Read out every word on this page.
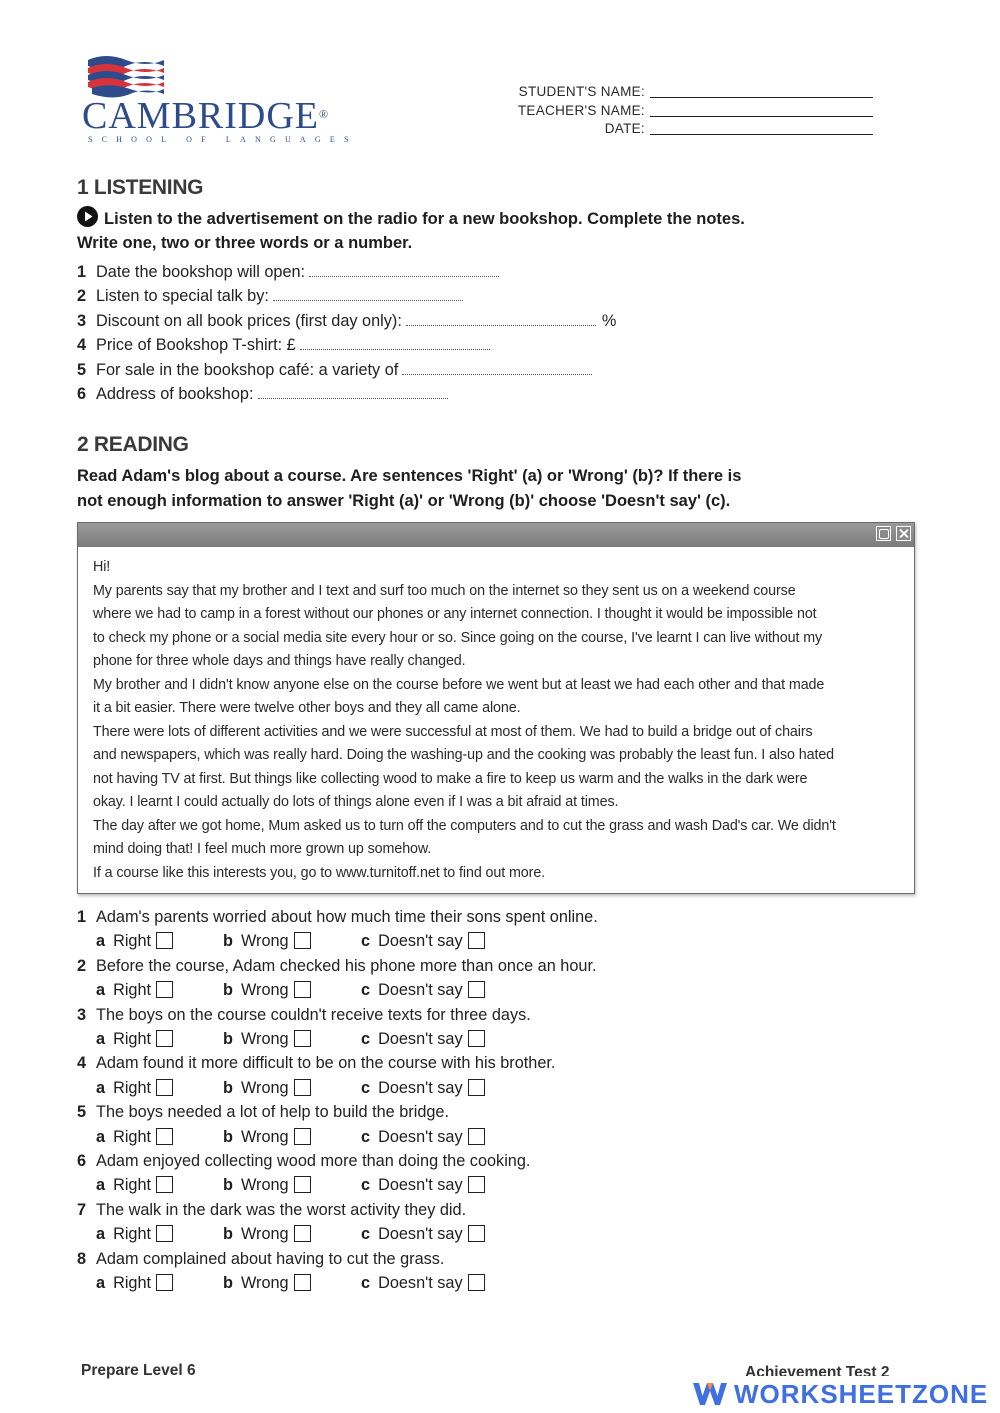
CAMBRIDGE®
SCHOOL OF LANGUAGES
STUDENT'S NAME:
TEACHER'S NAME:
DATE:
1 LISTENING
Listen to the advertisement on the radio for a new bookshop. Complete the notes.
Write one, two or three words or a number.
1 Date the bookshop will open:
2 Listen to special talk by:
3 Discount on all book prices (first day only):	%
4 Price of Bookshop T-shirt: £
5 For sale in the bookshop café: a variety of
6 Address of bookshop:
2 READING
Read Adam's blog about a course. Are sentences 'Right' (a) or 'Wrong' (b)? If there is
not enough information to answer 'Right (a)' or 'Wrong (b)' choose 'Doesn't say' (c).

Hi!

My parents say that my brother and I text and surf too much on the internet so they sent us on a weekend course

where we had to camp in a forest without our phones or any internet connection. I thought it would be impossible not

to check my phone or a social media site every hour or so. Since going on the course, I've learnt I can live without my

phone for three whole days and things have really changed.

My brother and I didn't know anyone else on the course before we went but at least we had each other and that made

it a bit easier. There were twelve other boys and they all came alone.

There were lots of different activities and we were successful at most of them. We had to build a bridge out of chairs

and newspapers, which was really hard. Doing the washing-up and the cooking was probably the least fun. I also hated

not having TV at first. But things like collecting wood to make a fire to keep us warm and the walks in the dark were

okay. I learnt I could actually do lots of things alone even if I was a bit afraid at times.

The day after we got home, Mum asked us to turn off the computers and to cut the grass and wash Dad's car. We didn't

mind doing that! I feel much more grown up somehow.

If a course like this interests you, go to www.turnitoff.net to find out more.

1 Adam's parents worried about how much time their sons spent online.
a Right	b Wrong	c Doesn't say
2 Before the course, Adam checked his phone more than once an hour.
a Right	b Wrong	c Doesn't say
3 The boys on the course couldn't receive texts for three days.
a Right	b Wrong	c Doesn't say
4 Adam found it more difficult to be on the course with his brother.
a Right	b Wrong	c Doesn't say
5 The boys needed a lot of help to build the bridge.
a Right	b Wrong	c Doesn't say
6 Adam enjoyed collecting wood more than doing the cooking.
a Right	b Wrong	c Doesn't say
7 The walk in the dark was the worst activity they did.
a Right	b Wrong	c Doesn't say
8 Adam complained about having to cut the grass.
a Right	b Wrong	c Doesn't say
Prepare Level 6	Achievement Test 2
WORKSHEETZONE
